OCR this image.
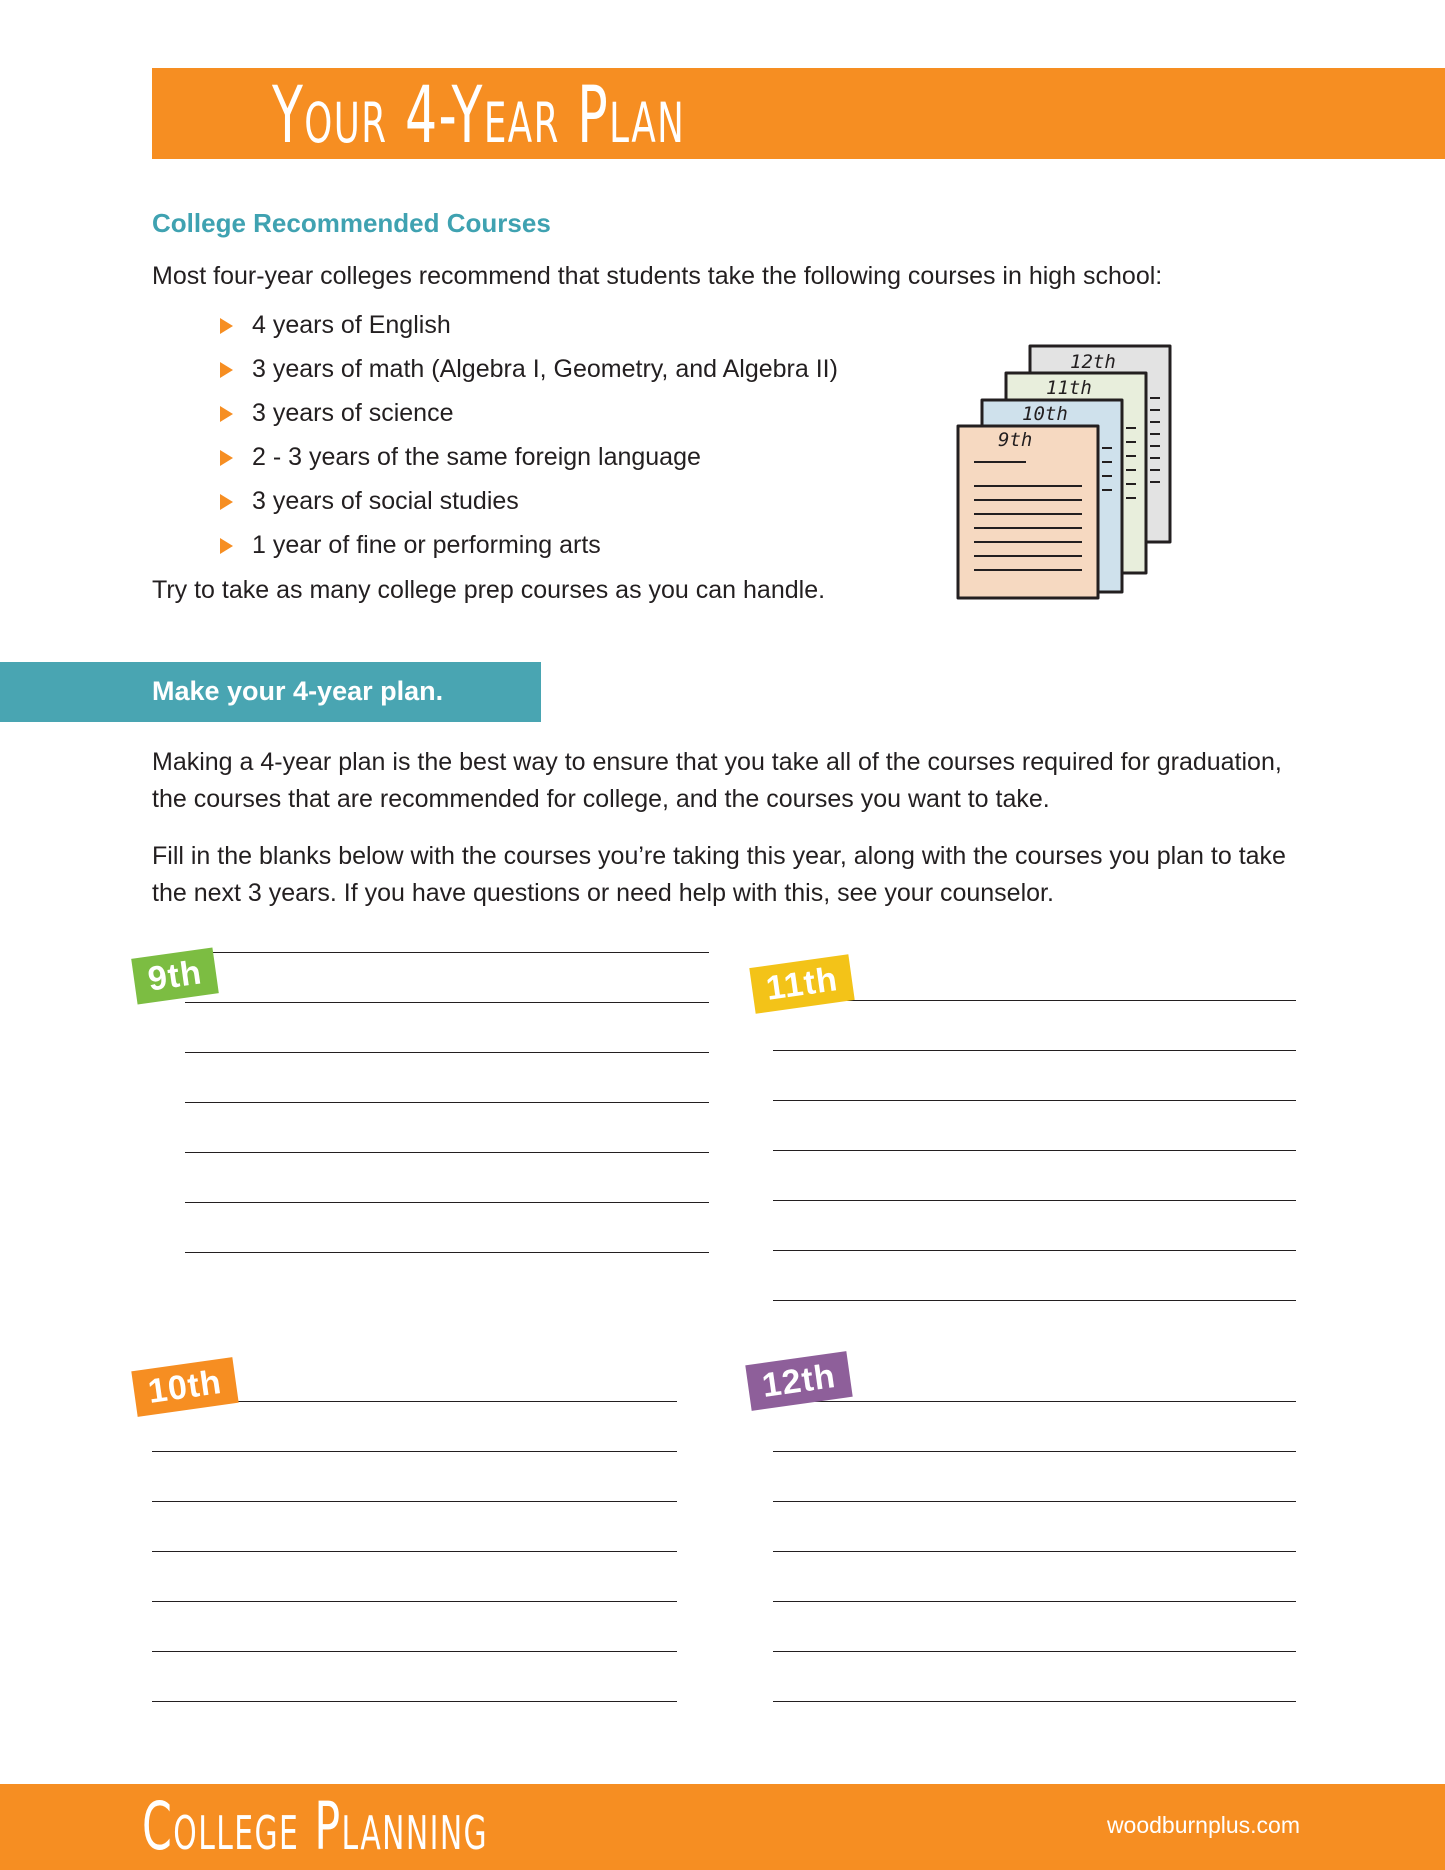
Your 4-Year Plan
College Recommended Courses
Most four-year colleges recommend that students take the following courses in high school:
4 years of English
3 years of math (Algebra I, Geometry, and Algebra II)
3 years of science
2 - 3 years of the same foreign language
3 years of social studies
1 year of fine or performing arts
Try to take as many college prep courses as you can handle.
12th
11th
10th
9th
Make your 4-year plan.
Making a 4-year plan is the best way to ensure that you take all of the courses required for graduation, the courses that are recommended for college, and the courses you want to take.
Fill in the blanks below with the courses you’re taking this year, along with the courses you plan to take the next 3 years. If you have questions or need help with this, see your counselor.
9th	11th
10th	12th
College Planning	woodburnplus.com
